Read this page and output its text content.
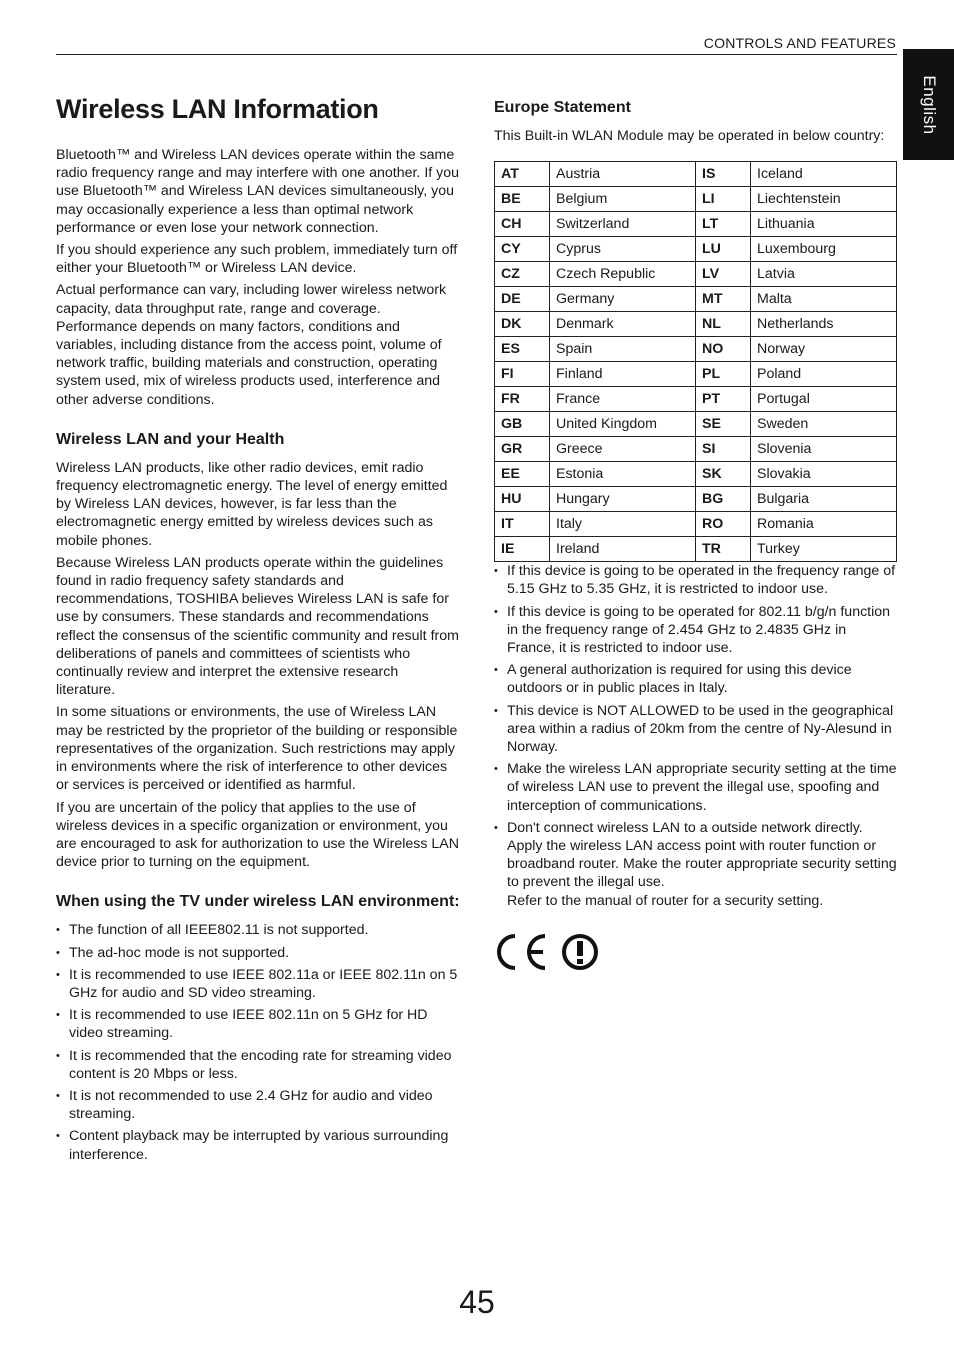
CONTROLS AND FEATURES
English
Wireless LAN Information

Bluetooth™ and Wireless LAN devices operate within the same radio frequency range and may interfere with one another. If you use Bluetooth™ and Wireless LAN devices simultaneously, you may occasionally experience a less than optimal network performance or even lose your network connection.

If you should experience any such problem, immediately turn off either your Bluetooth™ or Wireless LAN device.

Actual performance can vary, including lower wireless network capacity, data throughput rate, range and coverage. Performance depends on many factors, conditions and variables, including distance from the access point, volume of network traffic, building materials and construction, operating system used, mix of wireless products used, interference and other adverse conditions.

Wireless LAN and your Health

Wireless LAN products, like other radio devices, emit radio frequency electromagnetic energy. The level of energy emitted by Wireless LAN devices, however, is far less than the electromagnetic energy emitted by wireless devices such as mobile phones.

Because Wireless LAN products operate within the guidelines found in radio frequency safety standards and recommendations, TOSHIBA believes Wireless LAN is safe for use by consumers. These standards and recommendations reflect the consensus of the scientific community and result from deliberations of panels and committees of scientists who continually review and interpret the extensive research literature.

In some situations or environments, the use of Wireless LAN may be restricted by the proprietor of the building or responsible representatives of the organization. Such restrictions may apply in environments where the risk of interference to other devices or services is perceived or identified as harmful.

If you are uncertain of the policy that applies to the use of wireless devices in a specific organization or environment, you are encouraged to ask for authorization to use the Wireless LAN device prior to turning on the equipment.

When using the TV under wireless LAN environment:
• The function of all IEEE802.11 is not supported.
• The ad-hoc mode is not supported.
• It is recommended to use IEEE 802.11a or IEEE 802.11n on 5 GHz for audio and SD video streaming.
• It is recommended to use IEEE 802.11n on 5 GHz for HD video streaming.
• It is recommended that the encoding rate for streaming video content is 20 Mbps or less.
• It is not recommended to use 2.4 GHz for audio and video streaming.
• Content playback may be interrupted by various surrounding interference.
Europe Statement

This Built-in WLAN Module may be operated in below country:

AT	Austria	IS	Iceland
BE	Belgium	LI	Liechtenstein
CH	Switzerland	LT	Lithuania
CY	Cyprus	LU	Luxembourg
CZ	Czech Republic	LV	Latvia
DE	Germany	MT	Malta
DK	Denmark	NL	Netherlands
ES	Spain	NO	Norway
FI	Finland	PL	Poland
FR	France	PT	Portugal
GB	United Kingdom	SE	Sweden
GR	Greece	SI	Slovenia
EE	Estonia	SK	Slovakia
HU	Hungary	BG	Bulgaria
IT	Italy	RO	Romania
IE	Ireland	TR	Turkey
• If this device is going to be operated in the frequency range of 5.15 GHz to 5.35 GHz, it is restricted to indoor use.
• If this device is going to be operated for 802.11 b/g/n function in the frequency range of 2.454 GHz to 2.4835 GHz in France, it is restricted to indoor use.
• A general authorization is required for using this device outdoors or in public places in Italy.
• This device is NOT ALLOWED to be used in the geographical area within a radius of 20km from the centre of Ny-Alesund in Norway.
• Make the wireless LAN appropriate security setting at the time of wireless LAN use to prevent the illegal use, spoofing and interception of communications.
• Don't connect wireless LAN to a outside network directly. Apply the wireless LAN access point with router function or broadband router. Make the router appropriate security setting to prevent the illegal use.
Refer to the manual of router for a security setting.
45
